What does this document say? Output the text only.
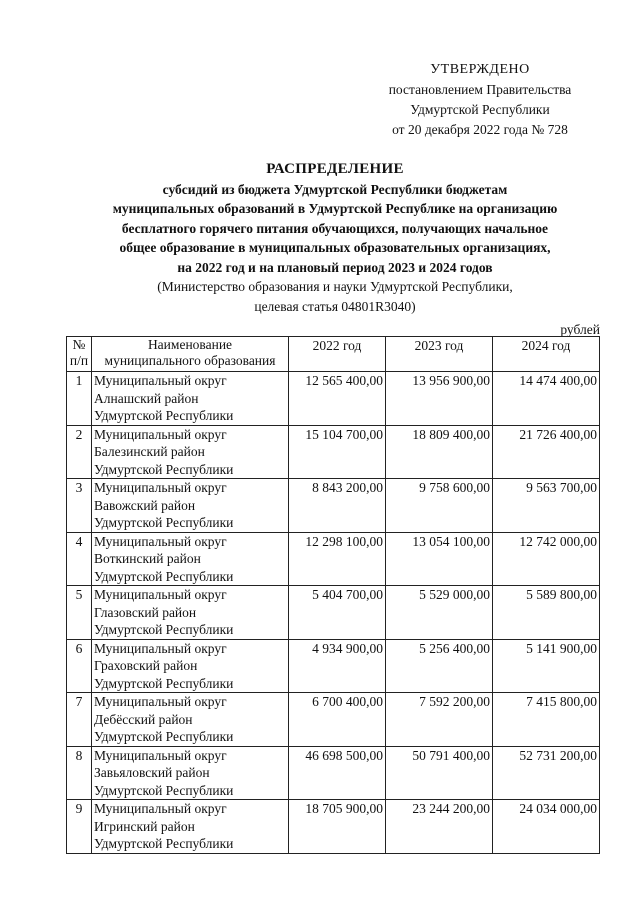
УТВЕРЖДЕНО
постановлением Правительства
Удмуртской Республики
от 20 декабря 2022 года № 728
РАСПРЕДЕЛЕНИЕ
субсидий из бюджета Удмуртской Республики бюджетам
муниципальных образований в Удмуртской Республике на организацию
бесплатного горячего питания обучающихся, получающих начальное
общее образование в муниципальных образовательных организациях,
на 2022 год и на плановый период 2023 и 2024 годов
(Министерство образования и науки Удмуртской Республики,
целевая статья 04801R3040)
рублей
№
п/п	Наименование
муниципального образования	2022 год	2023 год	2024 год
1	Муниципальный округ
Алнашский район
Удмуртской Республики	12 565 400,00	13 956 900,00	14 474 400,00
2	Муниципальный округ
Балезинский район
Удмуртской Республики	15 104 700,00	18 809 400,00	21 726 400,00
3	Муниципальный округ
Вавожский район
Удмуртской Республики	8 843 200,00	9 758 600,00	9 563 700,00
4	Муниципальный округ
Воткинский район
Удмуртской Республики	12 298 100,00	13 054 100,00	12 742 000,00
5	Муниципальный округ
Глазовский район
Удмуртской Республики	5 404 700,00	5 529 000,00	5 589 800,00
6	Муниципальный округ
Граховский район
Удмуртской Республики	4 934 900,00	5 256 400,00	5 141 900,00
7	Муниципальный округ
Дебёсский район
Удмуртской Республики	6 700 400,00	7 592 200,00	7 415 800,00
8	Муниципальный округ
Завьяловский район
Удмуртской Республики	46 698 500,00	50 791 400,00	52 731 200,00
9	Муниципальный округ
Игринский район
Удмуртской Республики	18 705 900,00	23 244 200,00	24 034 000,00
